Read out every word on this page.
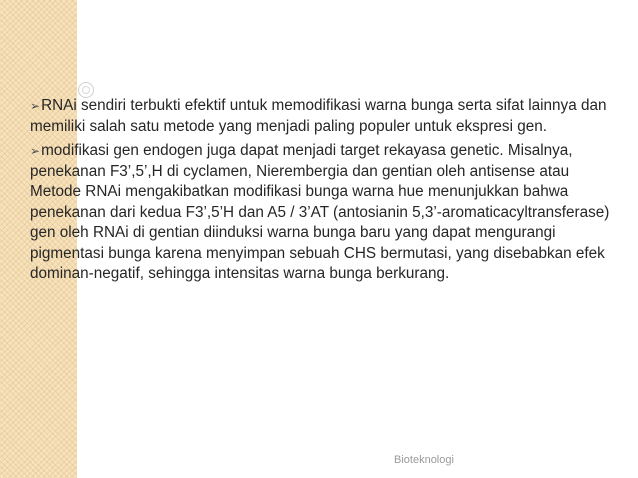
➢RNAi sendiri terbukti efektif untuk memodifikasi warna bunga serta sifat lainnya dan memiliki salah satu metode yang menjadi paling populer untuk ekspresi gen.

➢modifikasi gen endogen juga dapat menjadi target rekayasa genetic. Misalnya, penekanan F3’,5’,H di cyclamen, Nierembergia dan gentian oleh antisense atau Metode RNAi mengakibatkan modifikasi bunga warna hue menunjukkan bahwa penekanan dari kedua F3’,5’H dan A5 / 3’AT (antosianin 5,3’-aromaticacyltransferase) gen oleh RNAi di gentian diinduksi warna bunga baru yang dapat mengurangi pigmentasi bunga karena menyimpan sebuah CHS bermutasi, yang disebabkan efek dominan-negatif, sehingga intensitas warna bunga berkurang.

Bioteknologi
